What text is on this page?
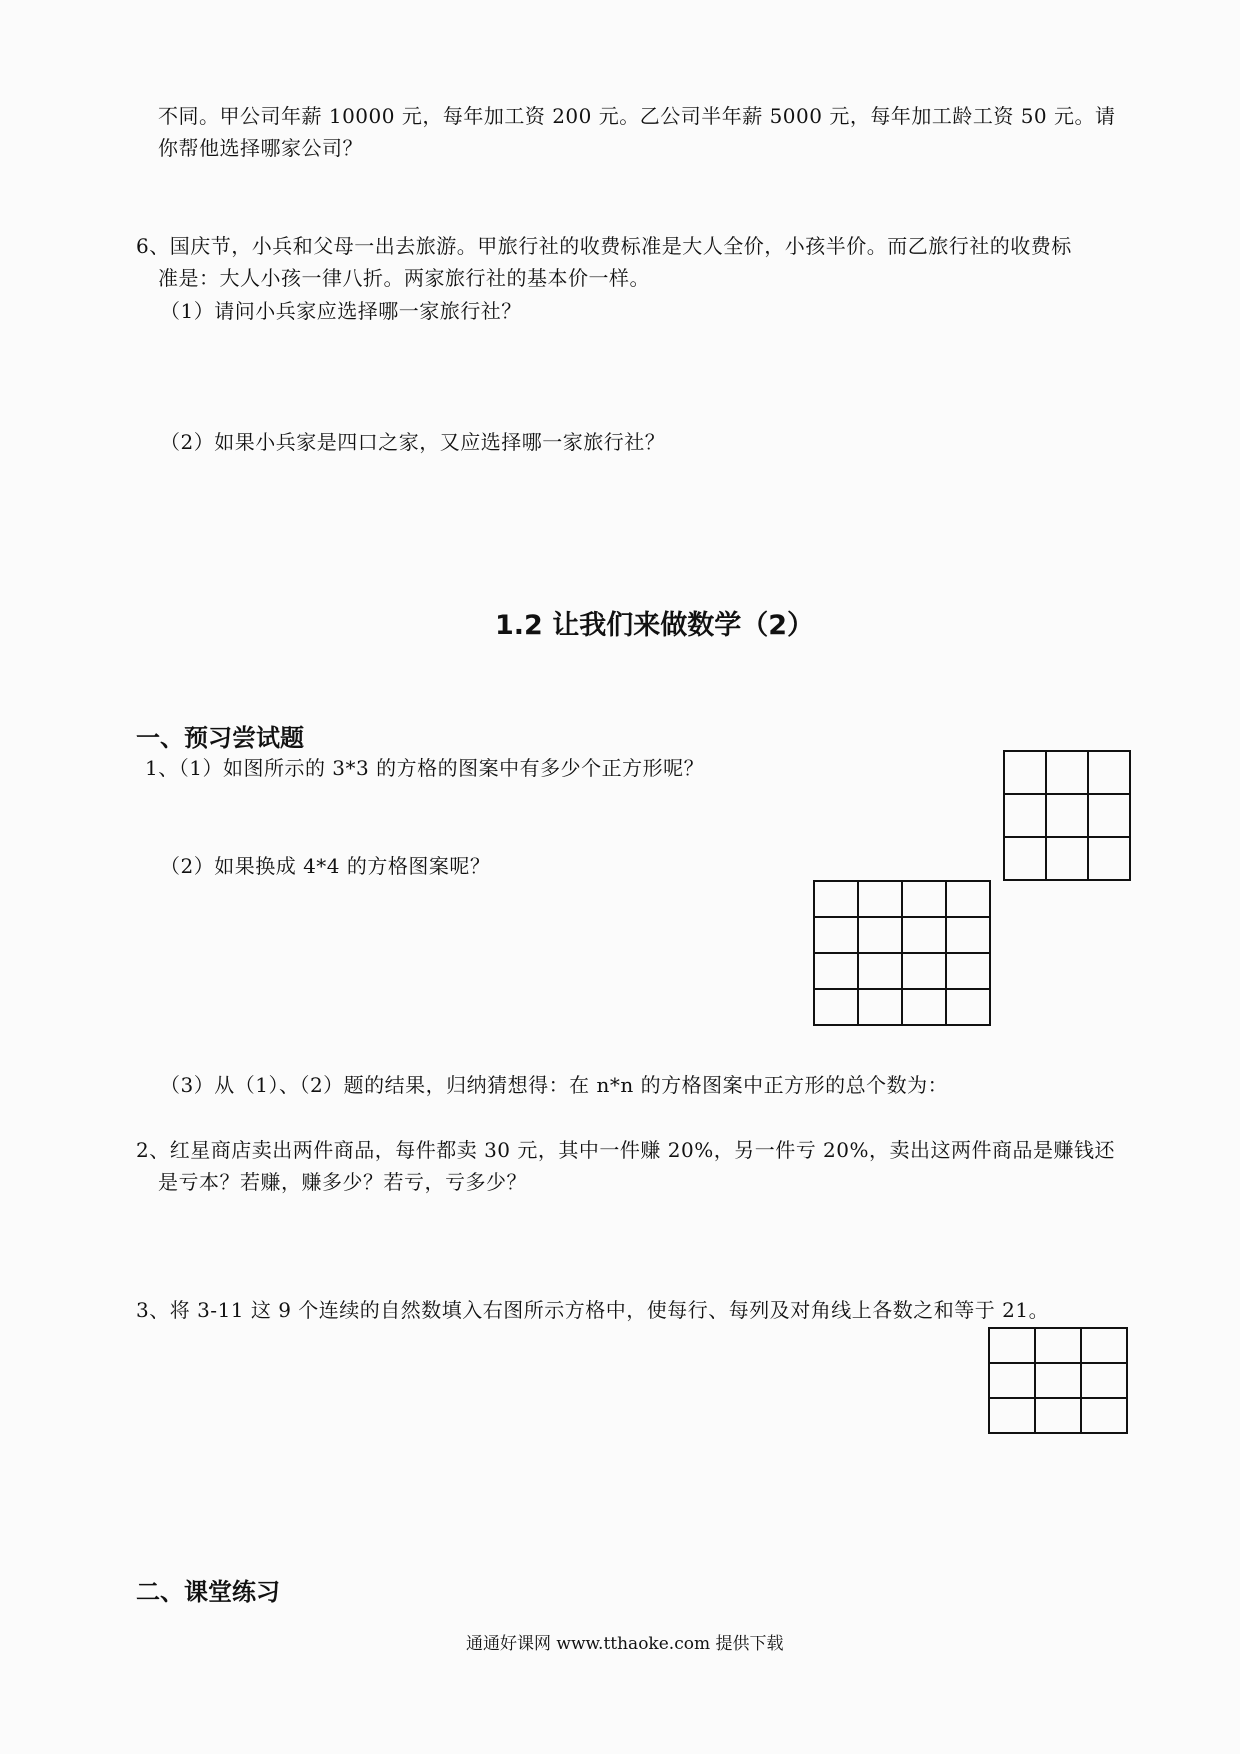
不同。甲公司年薪 10000 元，每年加工资 200 元。乙公司半年薪 5000 元，每年加工龄工资 50 元。请
你帮他选择哪家公司？
6、国庆节，小兵和父母一出去旅游。甲旅行社的收费标准是大人全价，小孩半价。而乙旅行社的收费标
准是：大人小孩一律八折。两家旅行社的基本价一样。
（1）请问小兵家应选择哪一家旅行社？
（2）如果小兵家是四口之家，又应选择哪一家旅行社？
1.2 让我们来做数学（2）
一、预习尝试题
1、（1）如图所示的 3*3 的方格的图案中有多少个正方形呢？
（2）如果换成 4*4 的方格图案呢？

（3）从（1）、（2）题的结果，归纳猜想得：在 n*n 的方格图案中正方形的总个数为：
2、红星商店卖出两件商品，每件都卖 30 元，其中一件赚 20%，另一件亏 20%，卖出这两件商品是赚钱还
是亏本？若赚，赚多少？若亏，亏多少？
3、将 3-11 这 9 个连续的自然数填入右图所示方格中，使每行、每列及对角线上各数之和等于 21。

二、课堂练习
通通好课网 www.tthaoke.com 提供下载
